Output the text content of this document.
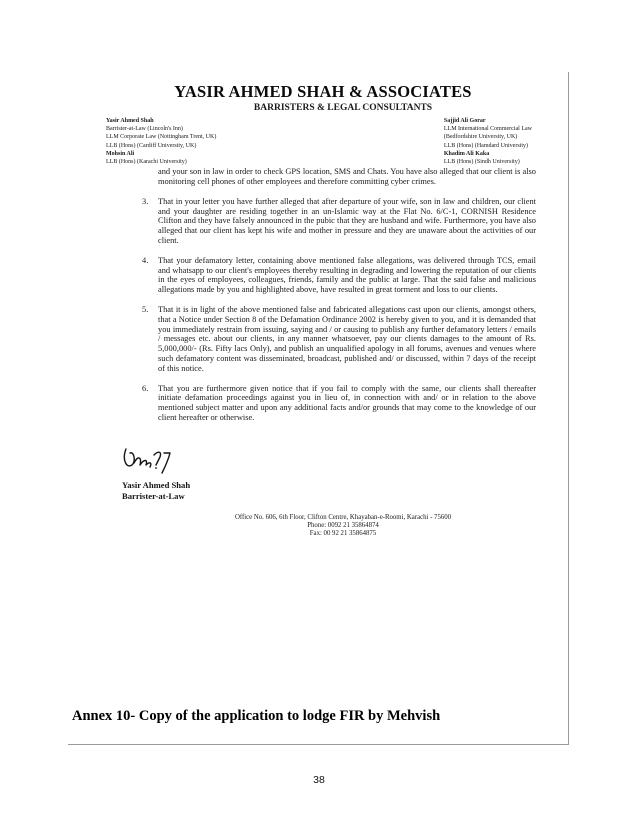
YASIR AHMED SHAH & ASSOCIATES
BARRISTERS & LEGAL CONSULTANTS
Yasir Ahmed Shah
Barrister-at-Law (Lincoln's Inn)
LLM Corporate Law (Nottingham Trent, UK)
LLB (Hons) (Cardiff University, UK)
Mohsin Ali
LLB (Hons) (Karachi University)
Sajjid Ali Gorar
LLM International Commercial Law
(Bedfordshire University, UK)
LLB (Hons) (Hamdard University)
Khadim Ali Kaka
LLB (Hons) (Sindh University)
and your son in law in order to check GPS location, SMS and Chats. You have also alleged that our client is also monitoring cell phones of other employees and therefore committing cyber crimes.
3.	That in your letter you have further alleged that after departure of your wife, son in law and children, our client and your daughter are residing together in an un-Islamic way at the Flat No. 6/C-1, CORNISH Residence Clifton and they have falsely announced in the pubic that they are husband and wife. Furthermore, you have also alleged that our client has kept his wife and mother in pressure and they are unaware about the activities of our client.
4.	That your defamatory letter, containing above mentioned false allegations, was delivered through TCS, email and whatsapp to our client's employees thereby resulting in degrading and lowering the reputation of our clients in the eyes of employees, colleagues, friends, family and the public at large. That the said false and malicious allegations made by you and highlighted above, have resulted in great torment and loss to our clients.
5.	That it is in light of the above mentioned false and fabricated allegations cast upon our clients, amongst others, that a Notice under Section 8 of the Defamation Ordinance 2002 is hereby given to you, and it is demanded that you immediately restrain from issuing, saying and / or causing to publish any further defamatory letters / emails / messages etc. about our clients, in any manner whatsoever, pay our clients damages to the amount of Rs. 5,000,000/- (Rs. Fifty lacs Only), and publish an unqualified apology in all forums, avenues and venues where such defamatory content was disseminated, broadcast, published and/ or discussed, within 7 days of the receipt of this notice.
6.	That you are furthermore given notice that if you fail to comply with the same, our clients shall thereafter initiate defamation proceedings against you in lieu of, in connection with and/ or in relation to the above mentioned subject matter and upon any additional facts and/or grounds that may come to the knowledge of our client hereafter or otherwise.
Yasir Ahmed Shah
Barrister-at-Law
Office No. 606, 6th Floor, Clifton Centre, Khayaban-e-Roomi, Karachi - 75600
Phone: 0092 21 35864874
Fax: 00 92 21 35864875
Annex 10- Copy of the application to lodge FIR by Mehvish
38
